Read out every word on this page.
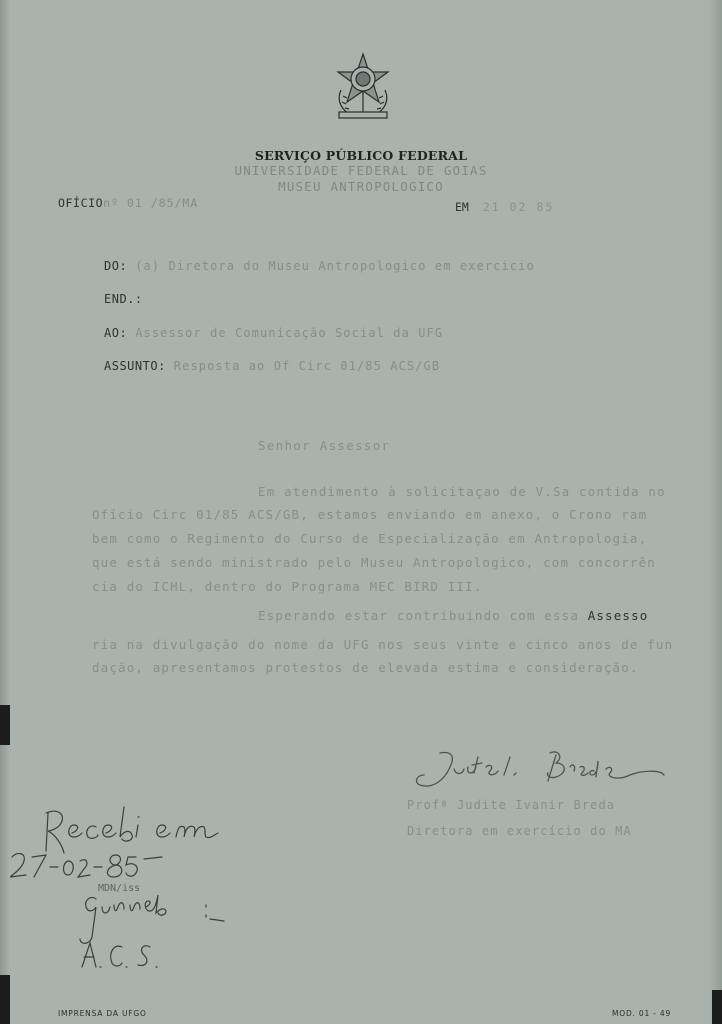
SERVIÇO PÚBLICO FEDERAL
UNIVERSIDADE FEDERAL DE GOIAS
MUSEU ANTROPOLOGICO
OFÍCIOnº 01 /85/MA	EM 21 02 85
DO: (a) Diretora do Museu Antropologico em exercicio
END.:
AO: Assessor de Comunicação Social da UFG
ASSUNTO: Resposta ao Of Circ 01/85 ACS/GB
Senhor Assessor
Em atendimento à solicitaçao de V.Sa contida no
Ofício Circ 01/85 ACS/GB, estamos enviando em anexo, o Crono ram
bem como o Regimento do Curso de Especialização em Antropologia,
que está sendo ministrado pelo Museu Antropologico, com concorrên
cia do ICHL, dentro do Programa MEC BIRD III.
Esperando estar contribuindo com essa Assesso
ria na divulgação do nome da UFG nos seus vinte e cinco anos de fun
dação, apresentamos protestos de elevada estima e consideração.
Profª Judite Ivanir Breda
Diretora em exercício do MA
MDN/iss
IMPRENSA DA UFGO	MOD. 01 - 49
